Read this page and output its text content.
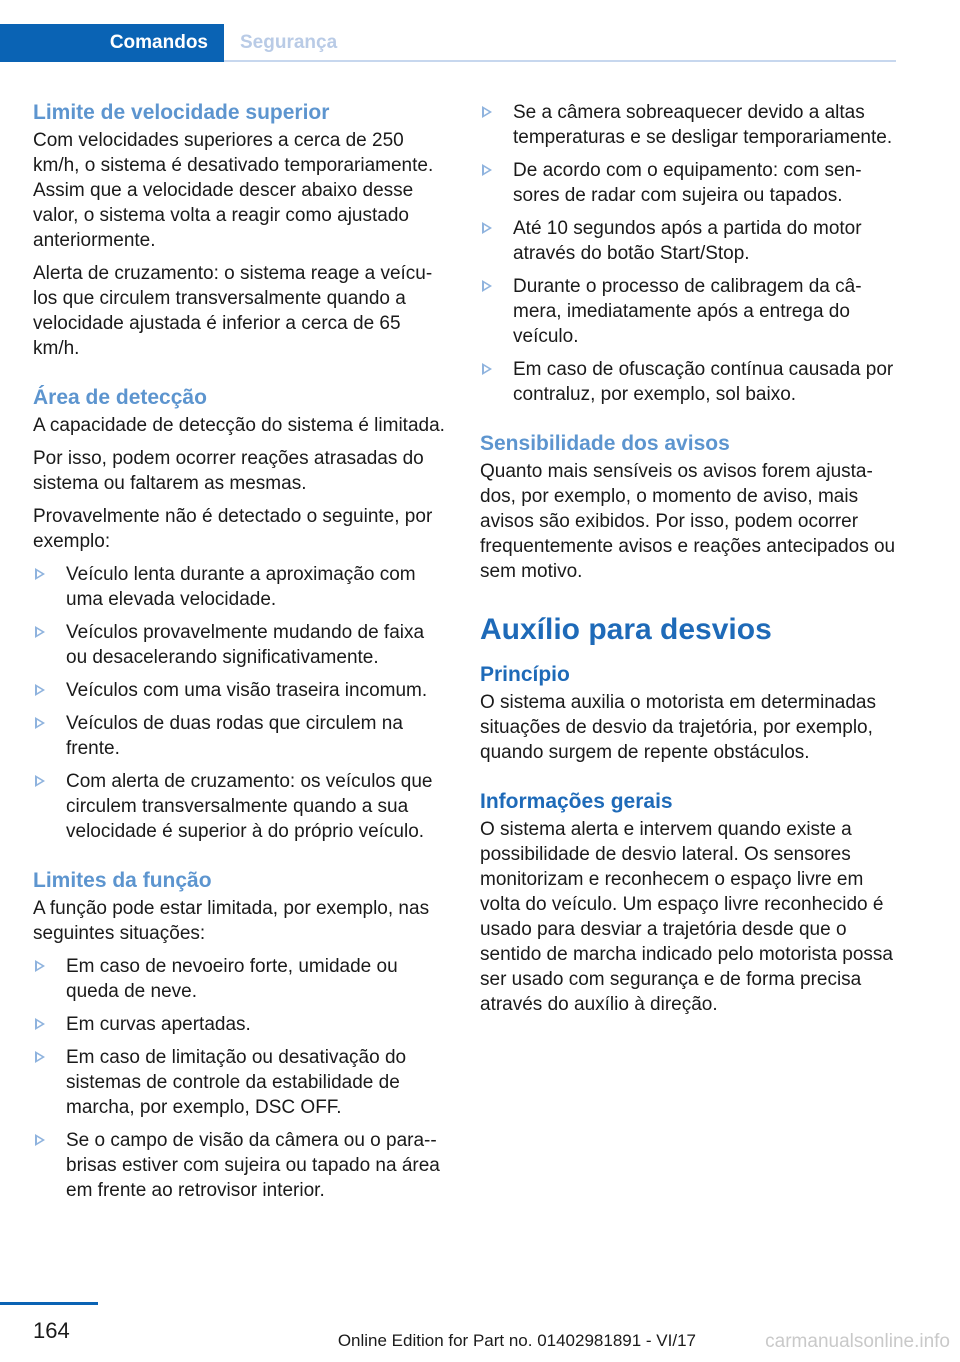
Comandos	Segurança
Limite de velocidade superior

Com velocidades superiores a cerca de 250 km/h, o sistema é desativado temporariamente. Assim que a velocidade descer abaixo desse valor, o sistema volta a reagir como ajustado anteriormente.

Alerta de cruzamento: o sistema reage a veículos que circulem transversalmente quando a velocidade ajustada é inferior a cerca de 65 km/h.

Área de detecção

A capacidade de detecção do sistema é limitada.

Por isso, podem ocorrer reações atrasadas do sistema ou faltarem as mesmas.

Provavelmente não é detectado o seguinte, por exemplo:

Veículo lenta durante a aproximação com uma elevada velocidade.
Veículos provavelmente mudando de faixa ou desacelerando significativamente.
Veículos com uma visão traseira incomum.
Veículos de duas rodas que circulem na frente.
Com alerta de cruzamento: os veículos que circulem transversalmente quando a sua velocidade é superior à do próprio veículo.
Limites da função

A função pode estar limitada, por exemplo, nas seguintes situações:

Em caso de nevoeiro forte, umidade ou queda de neve.
Em curvas apertadas.
Em caso de limitação ou desativação do sistemas de controle da estabilidade de marcha, por exemplo, DSC OFF.
Se o campo de visão da câmera ou o para--brisas estiver com sujeira ou tapado na área em frente ao retrovisor interior.
Se a câmera sobreaquecer devido a altas temperaturas e se desligar temporariamente.
De acordo com o equipamento: com sensores de radar com sujeira ou tapados.
Até 10 segundos após a partida do motor através do botão Start/Stop.
Durante o processo de calibragem da câmera, imediatamente após a entrega do veículo.
Em caso de ofuscação contínua causada por contraluz, por exemplo, sol baixo.
Sensibilidade dos avisos

Quanto mais sensíveis os avisos forem ajustados, por exemplo, o momento de aviso, mais avisos são exibidos. Por isso, podem ocorrer frequentemente avisos e reações antecipados ou sem motivo.

Auxílio para desvios
Princípio

O sistema auxilia o motorista em determinadas situações de desvio da trajetória, por exemplo, quando surgem de repente obstáculos.

Informações gerais

O sistema alerta e intervem quando existe a possibilidade de desvio lateral. Os sensores monitorizam e reconhecem o espaço livre em volta do veículo. Um espaço livre reconhecido é usado para desviar a trajetória desde que o sentido de marcha indicado pelo motorista possa ser usado com segurança e de forma precisa através do auxílio à direção.

164	Online Edition for Part no. 01402981891 - VI/17	carmanualsonline.info
